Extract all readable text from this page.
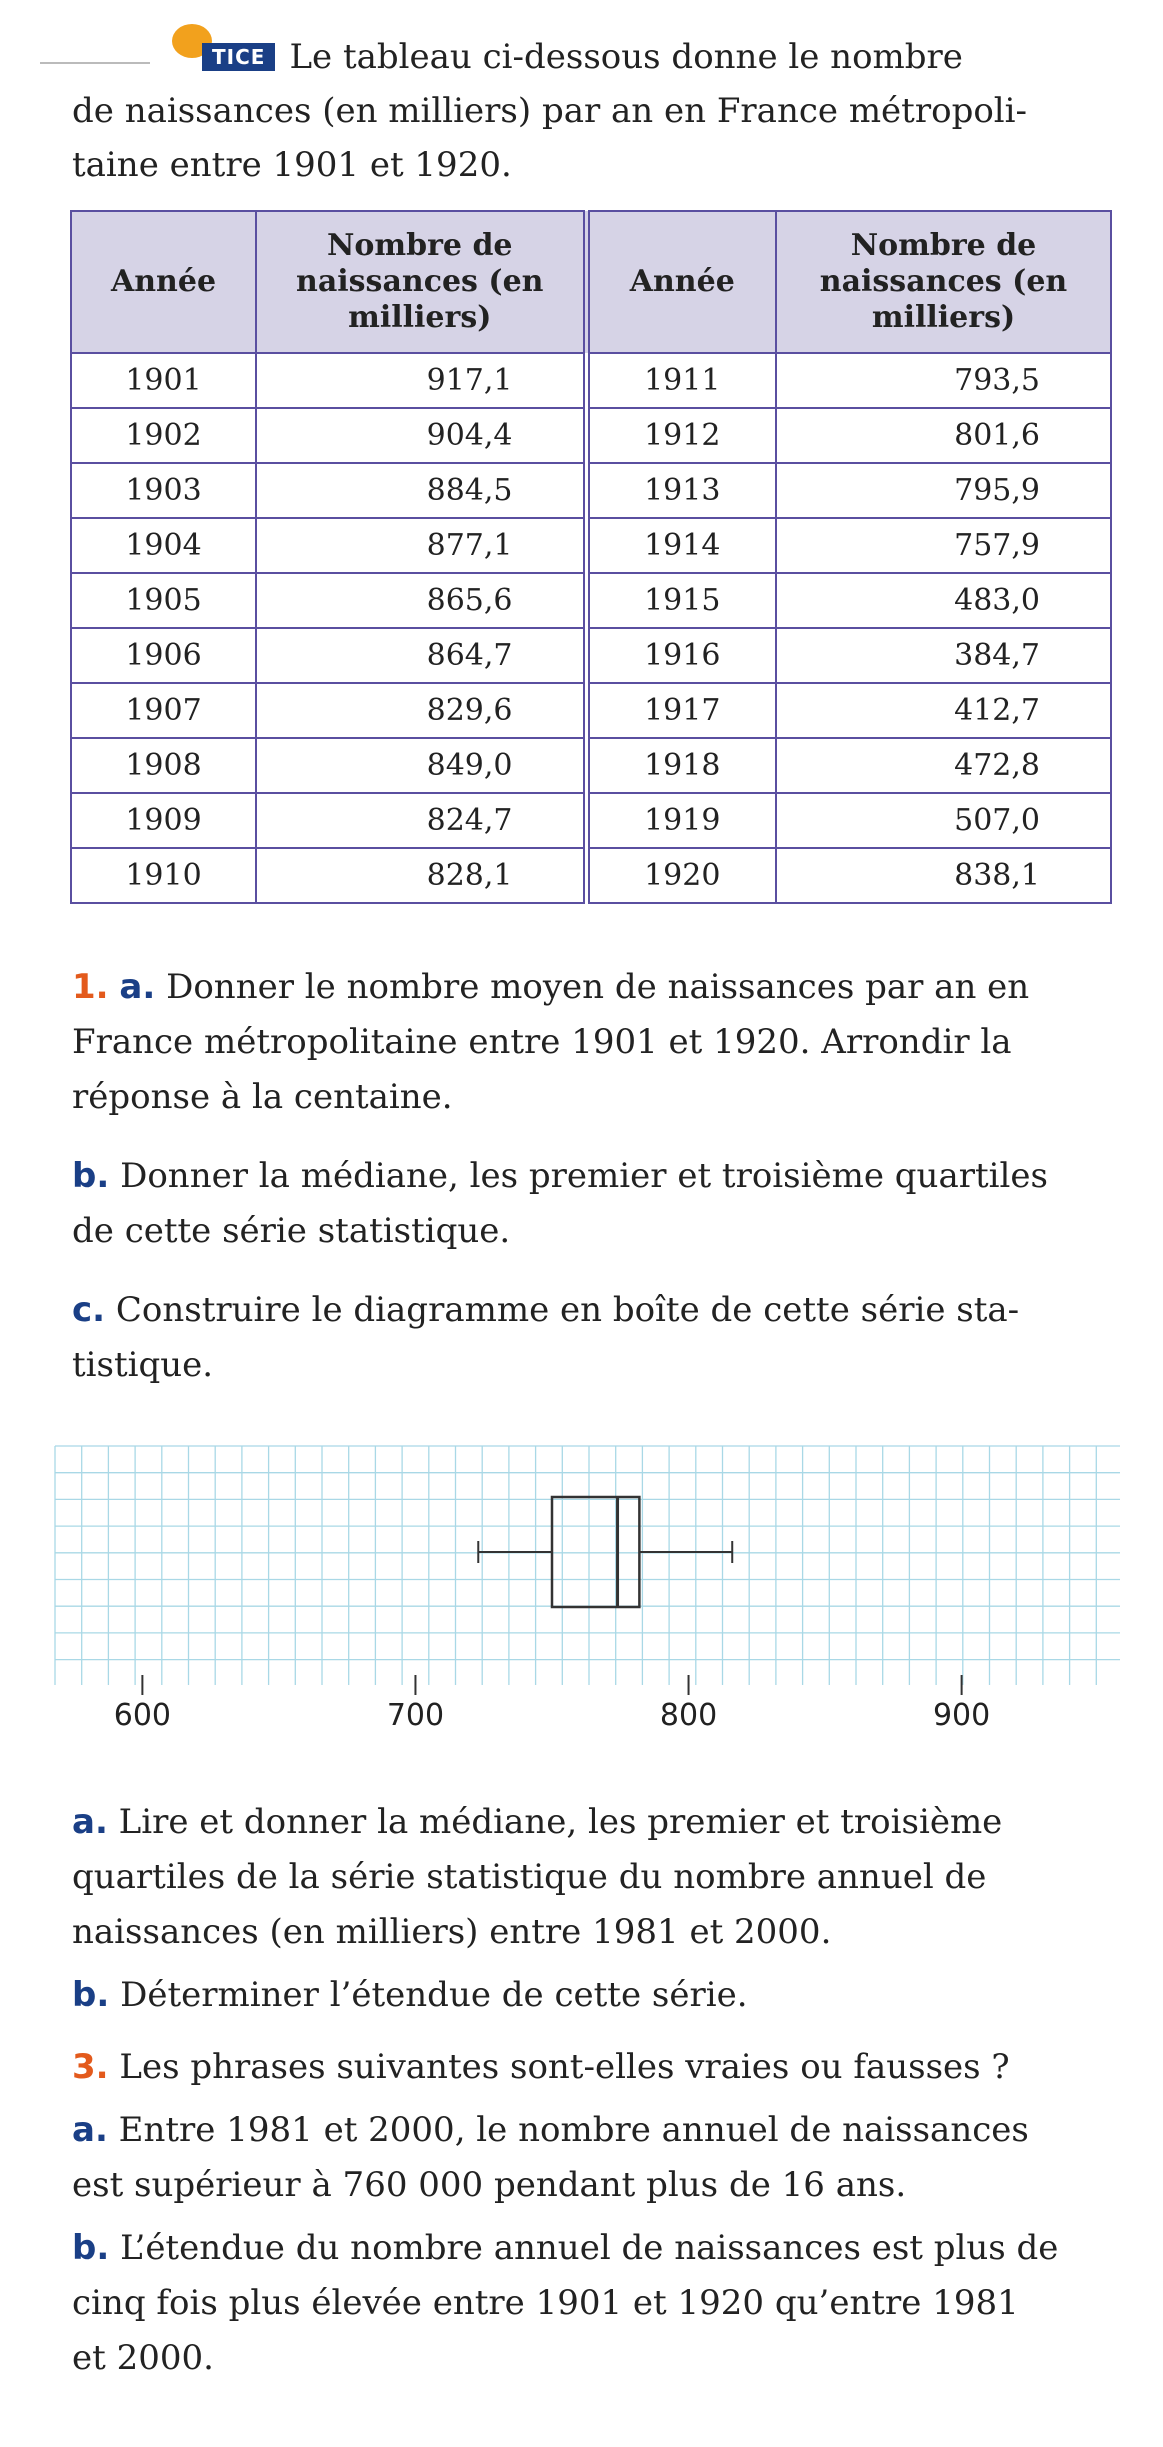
TICE Le tableau ci-dessous donne le nombre
de naissances (en milliers) par an en France métropoli-
taine entre 1901 et 1920.
Année	Nombre de naissances (en milliers)	Année	Nombre de naissances (en milliers)
1901	917,1	1911	793,5
1902	904,4	1912	801,6
1903	884,5	1913	795,9
1904	877,1	1914	757,9
1905	865,6	1915	483,0
1906	864,7	1916	384,7
1907	829,6	1917	412,7
1908	849,0	1918	472,8
1909	824,7	1919	507,0
1910	828,1	1920	838,1
1. a. Donner le nombre moyen de naissances par an en
France métropolitaine entre 1901 et 1920. Arrondir la
réponse à la centaine.
b. Donner la médiane, les premier et troisième quartiles
de cette série statistique.
c. Construire le diagramme en boîte de cette série sta-
tistique.
600	700	800	900
a. Lire et donner la médiane, les premier et troisième
quartiles de la série statistique du nombre annuel de
naissances (en milliers) entre 1981 et 2000.
b. Déterminer l’étendue de cette série.
3. Les phrases suivantes sont-elles vraies ou fausses ?
a. Entre 1981 et 2000, le nombre annuel de naissances
est supérieur à 760 000 pendant plus de 16 ans.
b. L’étendue du nombre annuel de naissances est plus de
cinq fois plus élevée entre 1901 et 1920 qu’entre 1981
et 2000.
